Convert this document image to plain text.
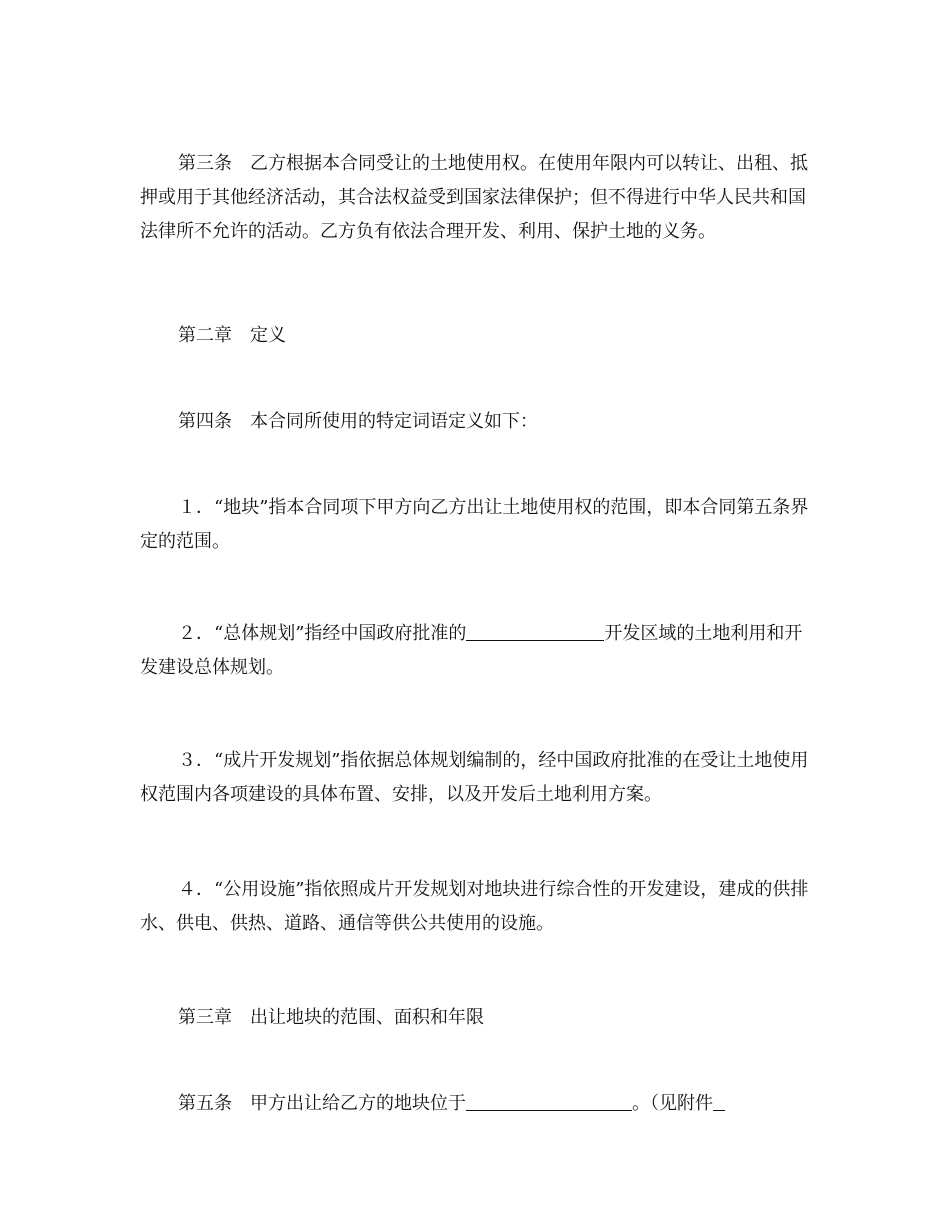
第三条　乙方根据本合同受让的土地使用权。在使用年限内可以转让、出租、抵押或用于其他经济活动，其合法权益受到国家法律保护；但不得进行中华人民共和国法律所不允许的活动。乙方负有依法合理开发、利用、保护土地的义务。

第二章　定义

第四条　本合同所使用的特定词语定义如下：

１．“地块”指本合同项下甲方向乙方出让土地使用权的范围，即本合同第五条界定的范围。

２．“总体规划”指经中国政府批准的	开发区域的土地利用和开发建设总体规划。

３．“成片开发规划”指依据总体规划编制的，经中国政府批准的在受让土地使用权范围内各项建设的具体布置、安排，以及开发后土地利用方案。

４．“公用设施”指依照成片开发规划对地块进行综合性的开发建设，建成的供排水、供电、供热、道路、通信等供公共使用的设施。

第三章　出让地块的范围、面积和年限

第五条　甲方出让给乙方的地块位于	。（见附件
